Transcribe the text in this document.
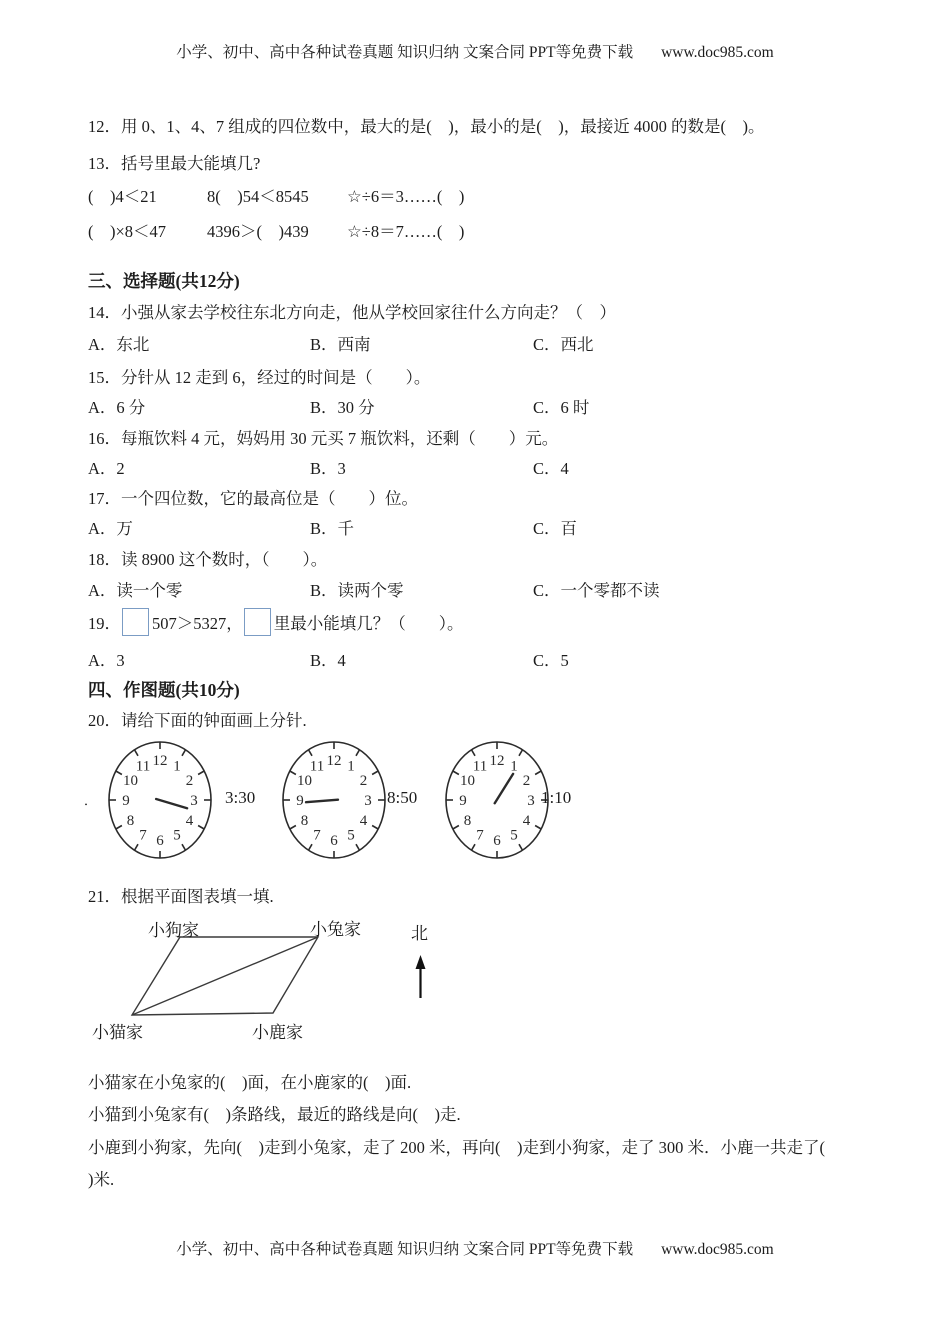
小学、初中、高中各种试卷真题 知识归纳 文案合同 PPT等免费下载 www.doc985.com
12．用 0、1、4、7 组成的四位数中，最大的是(　)，最小的是(　)，最接近 4000 的数是(　)。
13．括号里最大能填几?
(　)4＜21	8(　)54＜8545 ☆÷6＝3……(　)
(　)×8＜47 4396＞(　)439 ☆÷8＝7……(　)
三、选择题(共12分)
14．小强从家去学校往东北方向走，他从学校回家往什么方向走？（　）
A．东北	B．西南	C．西北
15．分针从 12 走到 6，经过的时间是（　　）。
A．6 分	B．30 分	C．6 时
16．每瓶饮料 4 元，妈妈用 30 元买 7 瓶饮料，还剩（　　）元。
A．2	B．3	C．4
17．一个四位数，它的最高位是（　　）位。
A．万	B．千	C．百
18．读 8900 这个数时，（　　）。
A．读一个零	B．读两个零	C．一个零都不读
19． 507＞5327， 里最小能填几？（　　）。
A．3	B．4	C．5
四、作图题(共10分)
20．请给下面的钟面画上分针.
．
1
2
3
4
5
6
7
8
9
10
11 12	1
2
3
4
5
6
7
8
9
10
11 12	1
2
3
4
5
6
7
8
9
10
11 12
3:30	8:50	1:10
21．根据平面图表填一填.
小狗家	小兔家
小猫家	小鹿家
北
小猫家在小兔家的(　)面，在小鹿家的(　)面.
小猫到小兔家有(　)条路线，最近的路线是向(　)走.
小鹿到小狗家，先向(　)走到小兔家，走了 200 米，再向(　)走到小狗家，走了 300 米．小鹿一共走了(
)米.
小学、初中、高中各种试卷真题 知识归纳 文案合同 PPT等免费下载 www.doc985.com
